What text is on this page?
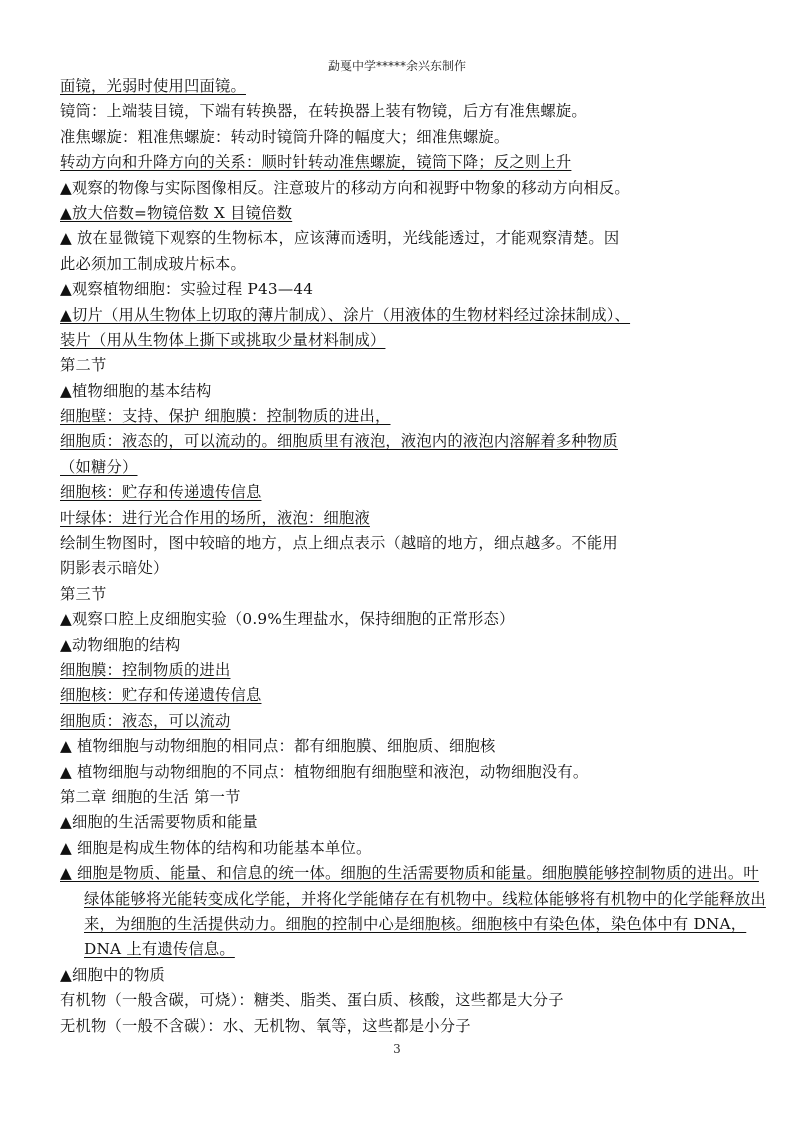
勐戛中学*****余兴东制作
面镜，光弱时使用凹面镜。
镜筒：上端装目镜，下端有转换器，在转换器上装有物镜，后方有准焦螺旋。
准焦螺旋：粗准焦螺旋：转动时镜筒升降的幅度大；细准焦螺旋。
转动方向和升降方向的关系：顺时针转动准焦螺旋，镜筒下降；反之则上升
▲观察的物像与实际图像相反。注意玻片的移动方向和视野中物象的移动方向相反。
▲放大倍数=物镜倍数 X 目镜倍数
▲ 放在显微镜下观察的生物标本，应该薄而透明，光线能透过，才能观察清楚。因
此必须加工制成玻片标本。
▲观察植物细胞：实验过程 P43—44
▲切片（用从生物体上切取的薄片制成）、涂片（用液体的生物材料经过涂抹制成）、
装片（用从生物体上撕下或挑取少量材料制成）
第二节
▲植物细胞的基本结构
细胞壁：支持、保护 细胞膜：控制物质的进出，
细胞质：液态的，可以流动的。细胞质里有液泡，液泡内的液泡内溶解着多种物质
（如糖分）
细胞核：贮存和传递遗传信息
叶绿体：进行光合作用的场所，液泡：细胞液
绘制生物图时，图中较暗的地方，点上细点表示（越暗的地方，细点越多。不能用
阴影表示暗处）
第三节
▲观察口腔上皮细胞实验（0.9%生理盐水，保持细胞的正常形态）
▲动物细胞的结构
细胞膜：控制物质的进出
细胞核：贮存和传递遗传信息
细胞质：液态，可以流动
▲ 植物细胞与动物细胞的相同点：都有细胞膜、细胞质、细胞核
▲ 植物细胞与动物细胞的不同点：植物细胞有细胞壁和液泡，动物细胞没有。
第二章 细胞的生活 第一节
▲细胞的生活需要物质和能量
▲ 细胞是构成生物体的结构和功能基本单位。
▲ 细胞是物质、能量、和信息的统一体。细胞的生活需要物质和能量。细胞膜能够控制物质的进出。叶绿体能够将光能转变成化学能，并将化学能储存在有机物中。线粒体能够将有机物中的化学能释放出来，为细胞的生活提供动力。细胞的控制中心是细胞核。细胞核中有染色体，染色体中有 DNA，DNA 上有遗传信息。
▲细胞中的物质
有机物（一般含碳，可烧）：糖类、脂类、蛋白质、核酸，这些都是大分子
无机物（一般不含碳）：水、无机物、氧等，这些都是小分子
3
